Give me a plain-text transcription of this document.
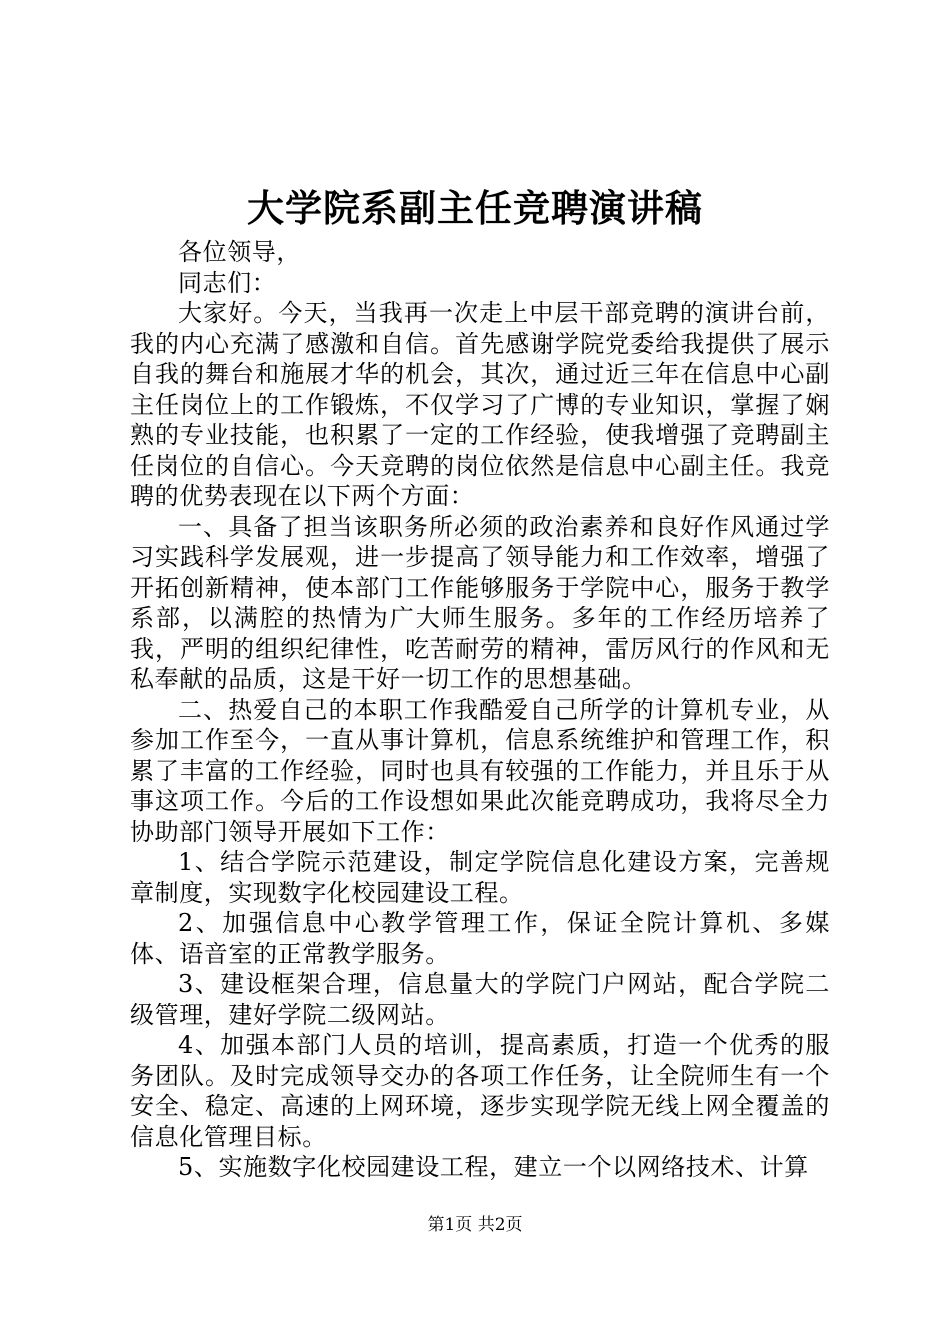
大学院系副主任竞聘演讲稿

各位领导，

同志们：

大家好。今天，当我再一次走上中层干部竞聘的演讲台前，我的内心充满了感激和自信。首先感谢学院党委给我提供了展示自我的舞台和施展才华的机会，其次，通过近三年在信息中心副主任岗位上的工作锻炼，不仅学习了广博的专业知识，掌握了娴熟的专业技能，也积累了一定的工作经验，使我增强了竞聘副主任岗位的自信心。今天竞聘的岗位依然是信息中心副主任。我竞聘的优势表现在以下两个方面：

一、具备了担当该职务所必须的政治素养和良好作风通过学习实践科学发展观，进一步提高了领导能力和工作效率，增强了开拓创新精神，使本部门工作能够服务于学院中心，服务于教学系部，以满腔的热情为广大师生服务。多年的工作经历培养了我，严明的组织纪律性，吃苦耐劳的精神，雷厉风行的作风和无私奉献的品质，这是干好一切工作的思想基础。

二、热爱自己的本职工作我酷爱自己所学的计算机专业，从参加工作至今，一直从事计算机，信息系统维护和管理工作，积累了丰富的工作经验，同时也具有较强的工作能力，并且乐于从事这项工作。今后的工作设想如果此次能竞聘成功，我将尽全力协助部门领导开展如下工作：

1、结合学院示范建设，制定学院信息化建设方案，完善规章制度，实现数字化校园建设工程。

2、加强信息中心教学管理工作，保证全院计算机、多媒体、语音室的正常教学服务。

3、建设框架合理，信息量大的学院门户网站，配合学院二级管理，建好学院二级网站。

4、加强本部门人员的培训，提高素质，打造一个优秀的服务团队。及时完成领导交办的各项工作任务，让全院师生有一个安全、稳定、高速的上网环境，逐步实现学院无线上网全覆盖的信息化管理目标。

5、实施数字化校园建设工程，建立一个以网络技术、计算

第1页 共2页
